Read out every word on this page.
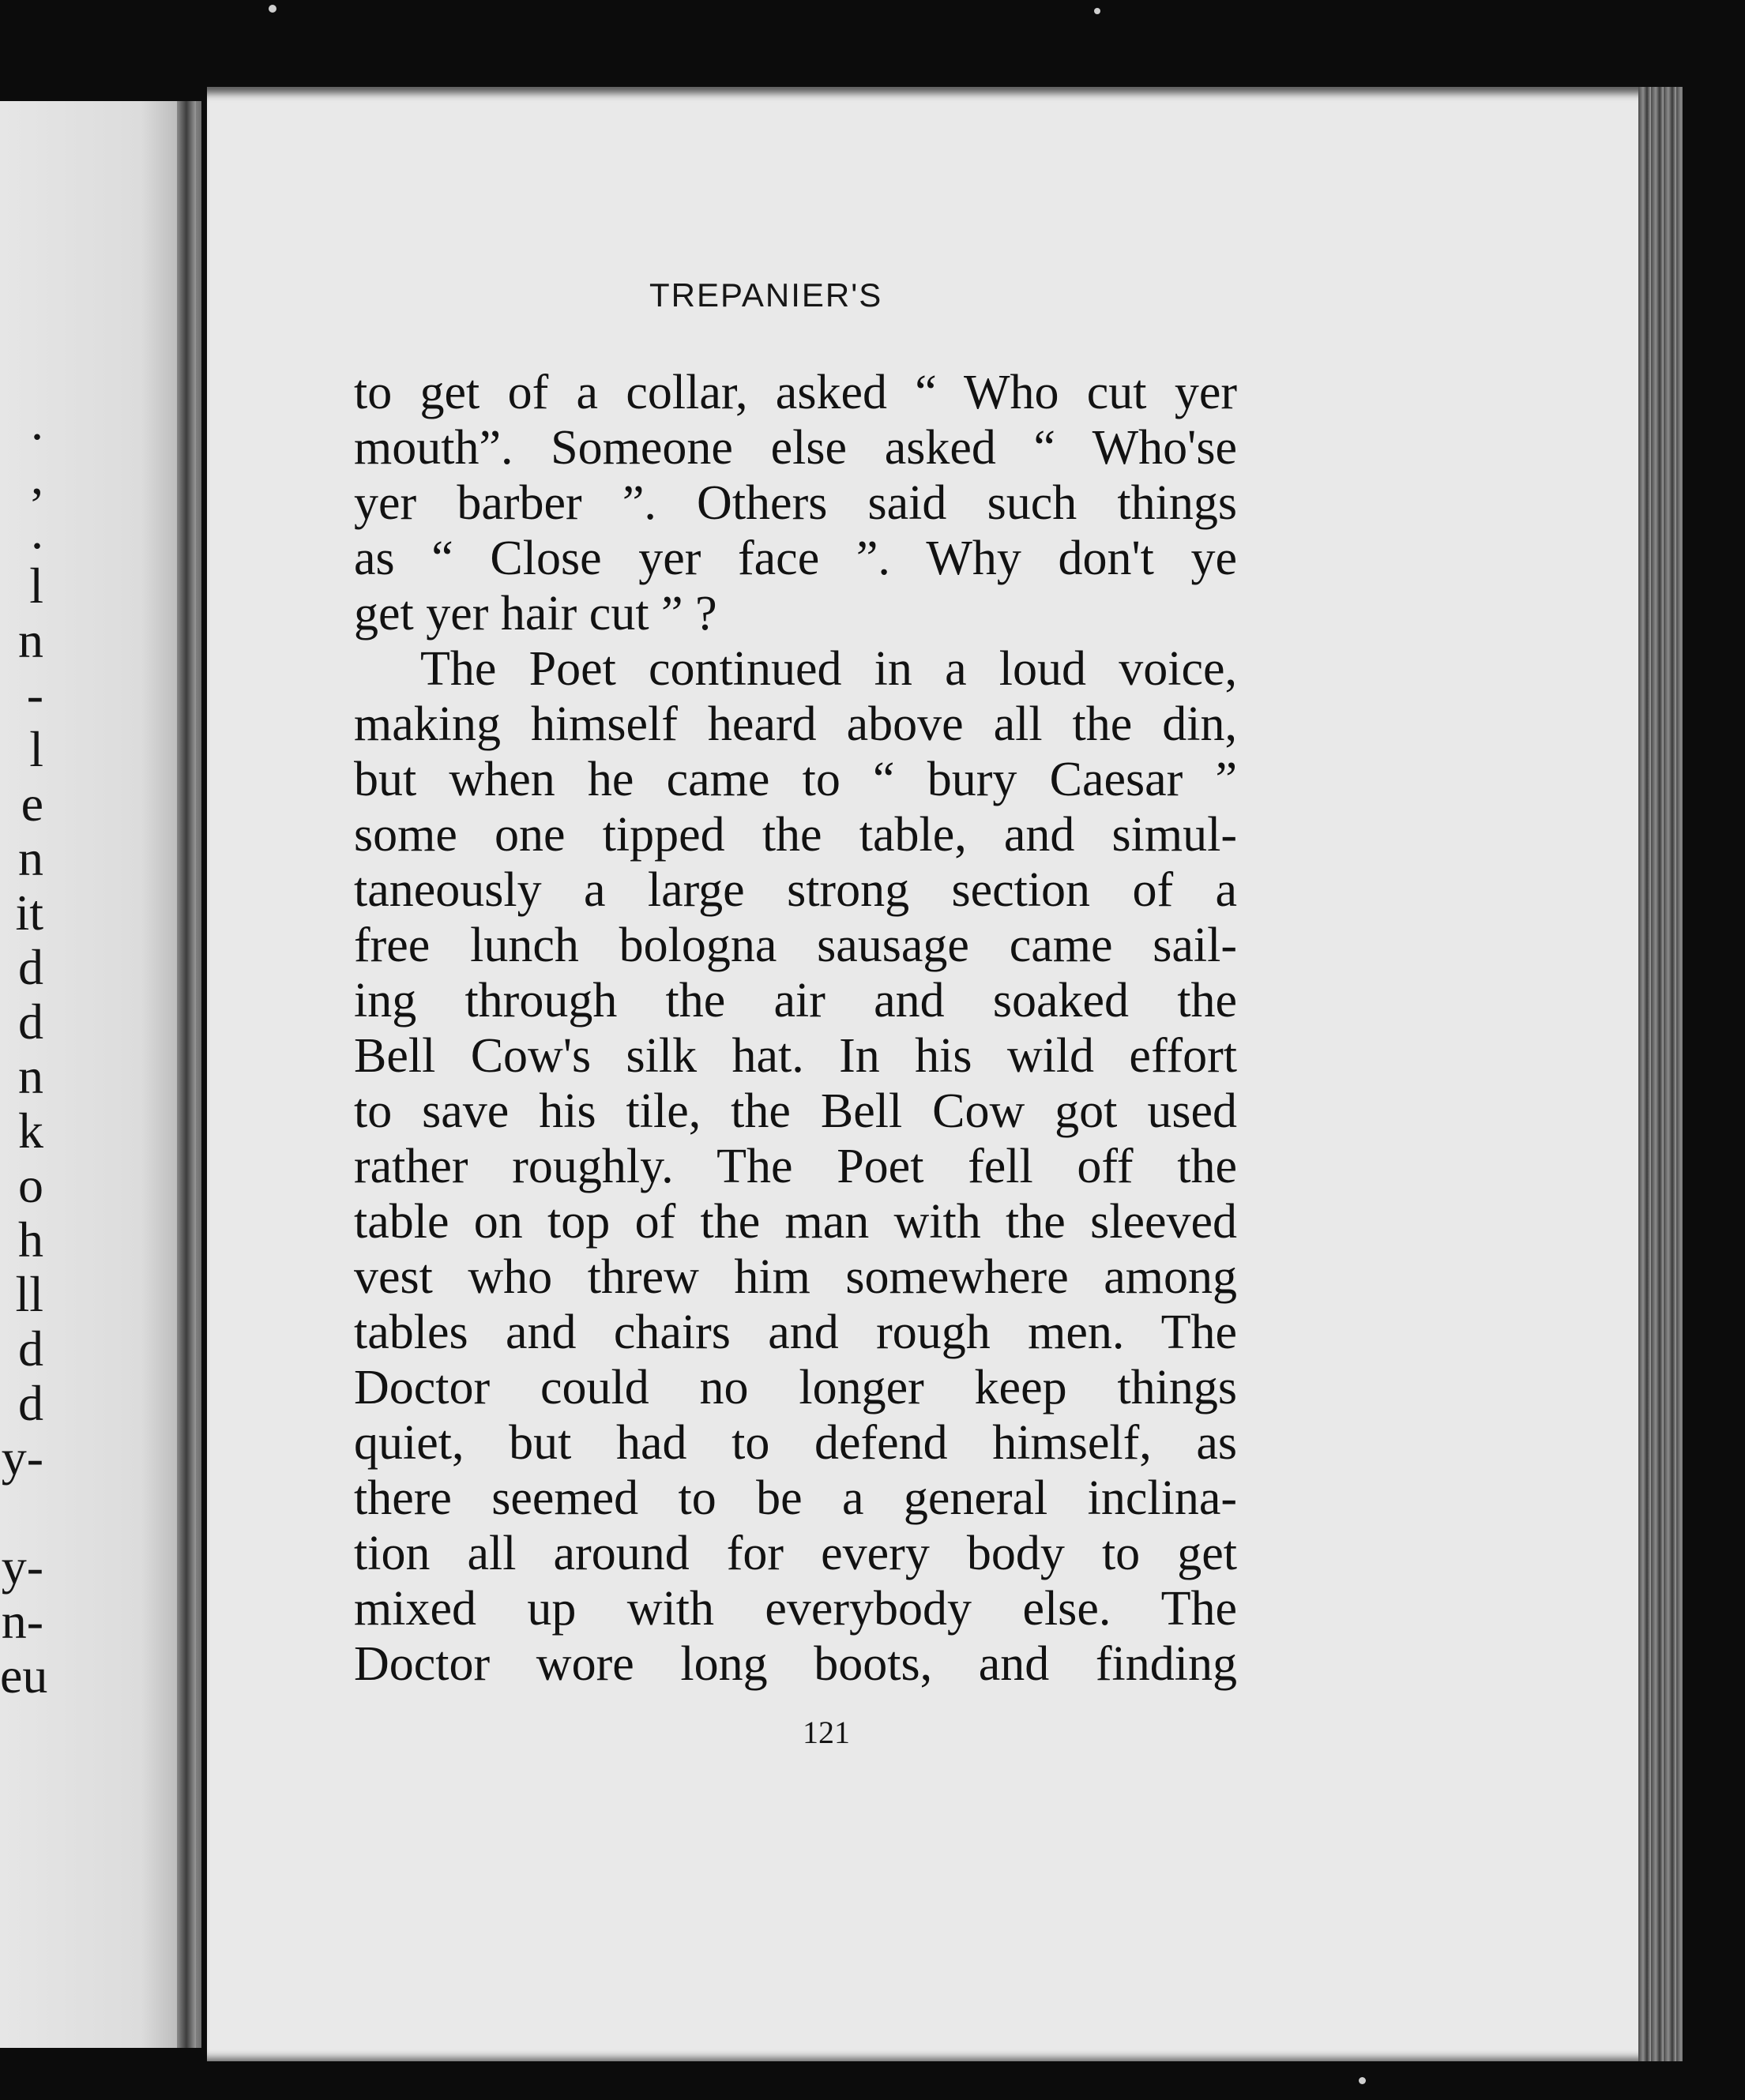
.
,
.
l
n
-
l
e
n
it
d
d
n
k
o
h
ll
d
d
y-
y-
n-
eu
TREPANIER'S
to get of a collar, asked “ Who cut yer
mouth”. Someone else asked “ Who'se
yer barber ”. Others said such things
as “ Close yer face ”. Why don't ye
get yer hair cut ” ?
The Poet continued in a loud voice,
making himself heard above all the din,
but when he came to “ bury Caesar ”
some one tipped the table, and simul-
taneously a large strong section of a
free lunch bologna sausage came sail-
ing through the air and soaked the
Bell Cow's silk hat. In his wild effort
to save his tile, the Bell Cow got used
rather roughly. The Poet fell off the
table on top of the man with the sleeved
vest who threw him somewhere among
tables and chairs and rough men. The
Doctor could no longer keep things
quiet, but had to defend himself, as
there seemed to be a general inclina-
tion all around for every body to get
mixed up with everybody else. The
Doctor wore long boots, and finding
121
